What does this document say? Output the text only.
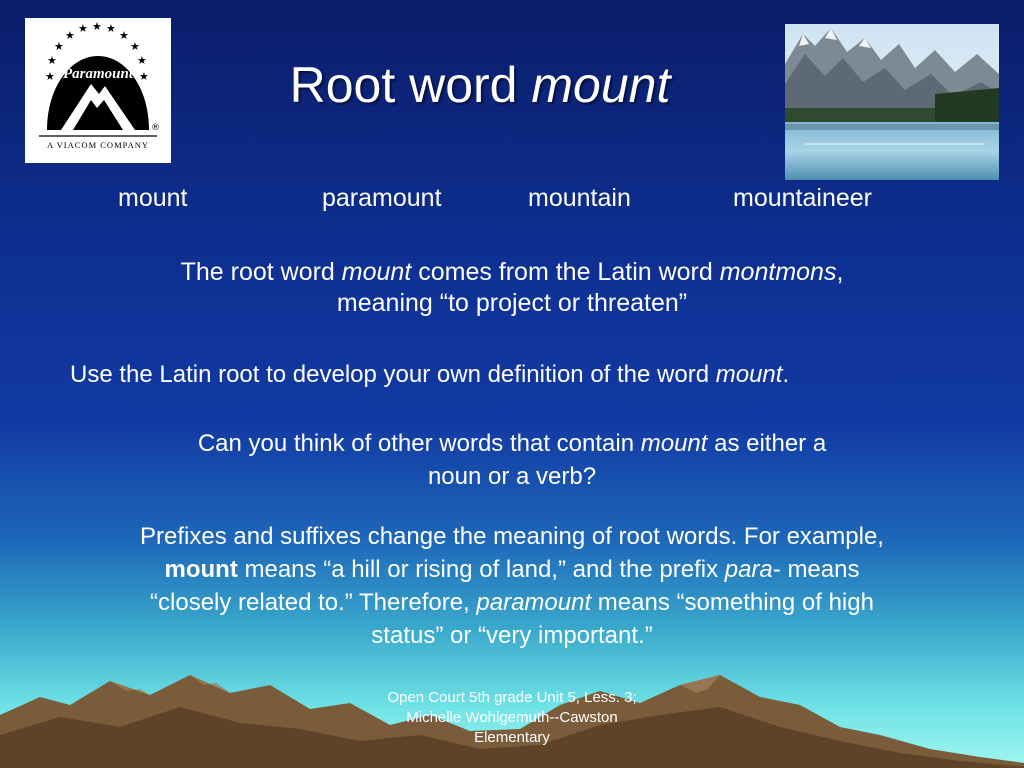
★
★
★
★
★ ★ ★
★
★
★
★
Paramount
®
A VIACOM COMPANY
Root word mount
mount	paramount	mountain	mountaineer
The root word mount comes from the Latin word montmons,
meaning “to project or threaten”
Use the Latin root to develop your own definition of the word mount.
Can you think of other words that contain mount as either a
noun or a verb?
Prefixes and suffixes change the meaning of root words. For example,
mount means “a hill or rising of land,” and the prefix para- means
“closely related to.” Therefore, paramount means “something of high
status” or “very important.”
Open Court 5th grade Unit 5, Less. 3;
Michelle Wohlgemuth--Cawston
Elementary
